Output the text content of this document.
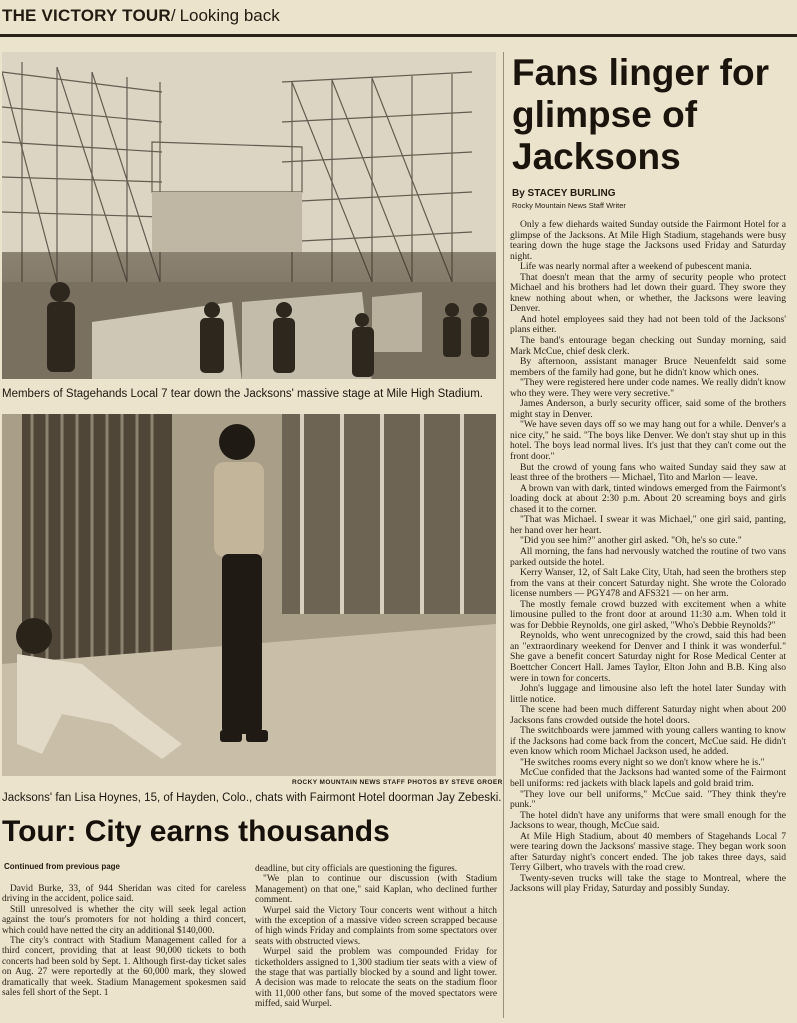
THE VICTORY TOUR/ Looking back
Members of Stagehands Local 7 tear down the Jacksons' massive stage at Mile High Stadium.
ROCKY MOUNTAIN NEWS STAFF PHOTOS BY STEVE GROER
Jacksons' fan Lisa Hoynes, 15, of Hayden, Colo., chats with Fairmont Hotel doorman Jay Zebeski.
Fans linger for glimpse of Jacksons
By STACEY BURLING
Rocky Mountain News Staff Writer

Only a few diehards waited Sunday outside the Fairmont Hotel for a glimpse of the Jacksons. At Mile High Stadium, stagehands were busy tearing down the huge stage the Jacksons used Friday and Saturday night.

Life was nearly normal after a weekend of pubescent mania.

That doesn't mean that the army of security people who protect Michael and his brothers had let down their guard. They swore they knew nothing about when, or whether, the Jacksons were leaving Denver.

And hotel employees said they had not been told of the Jacksons' plans either.

The band's entourage began checking out Sunday morning, said Mark McCue, chief desk clerk.

By afternoon, assistant manager Bruce Neuenfeldt said some members of the family had gone, but he didn't know which ones.

"They were registered here under code names. We really didn't know who they were. They were very secretive."

James Anderson, a burly security officer, said some of the brothers might stay in Denver.

"We have seven days off so we may hang out for a while. Denver's a nice city," he said. "The boys like Denver. We don't stay shut up in this hotel. The boys lead normal lives. It's just that they can't come out the front door."

But the crowd of young fans who waited Sunday said they saw at least three of the brothers — Michael, Tito and Marlon — leave.

A brown van with dark, tinted windows emerged from the Fairmont's loading dock at about 2:30 p.m. About 20 screaming boys and girls chased it to the corner.

"That was Michael. I swear it was Michael," one girl said, panting, her hand over her heart.

"Did you see him?" another girl asked. "Oh, he's so cute."

All morning, the fans had nervously watched the routine of two vans parked outside the hotel.

Kerry Wanser, 12, of Salt Lake City, Utah, had seen the brothers step from the vans at their concert Saturday night. She wrote the Colorado license numbers — PGY478 and AFS321 — on her arm.

The mostly female crowd buzzed with excitement when a white limousine pulled to the front door at around 11:30 a.m. When told it was for Debbie Reynolds, one girl asked, "Who's Debbie Reynolds?"

Reynolds, who went unrecognized by the crowd, said this had been an "extraordinary weekend for Denver and I think it was wonderful." She gave a benefit concert Saturday night for Rose Medical Center at Boettcher Concert Hall. James Taylor, Elton John and B.B. King also were in town for concerts.

John's luggage and limousine also left the hotel later Sunday with little notice.

The scene had been much different Saturday night when about 200 Jacksons fans crowded outside the hotel doors.

The switchboards were jammed with young callers wanting to know if the Jacksons had come back from the concert, McCue said. He didn't even know which room Michael Jackson used, he added.

"He switches rooms every night so we don't know where he is."

McCue confided that the Jacksons had wanted some of the Fairmont bell uniforms: red jackets with black lapels and gold braid trim.

"They love our bell uniforms," McCue said. "They think they're punk."

The hotel didn't have any uniforms that were small enough for the Jacksons to wear, though, McCue said.

At Mile High Stadium, about 40 members of Stagehands Local 7 were tearing down the Jacksons' massive stage. They began work soon after Saturday night's concert ended. The job takes three days, said Terry Gilbert, who travels with the road crew.

Twenty-seven trucks will take the stage to Montreal, where the Jacksons will play Friday, Saturday and possibly Sunday.

Tour: City earns thousands
Continued from previous page

David Burke, 33, of 944 Sheridan was cited for careless driving in the accident, police said.

Still unresolved is whether the city will seek legal action against the tour's promoters for not holding a third concert, which could have netted the city an additional $140,000.

The city's contract with Stadium Management called for a third concert, providing that at least 90,000 tickets to both concerts had been sold by Sept. 1. Although first-day ticket sales on Aug. 27 were reportedly at the 60,000 mark, they slowed dramatically that week. Stadium Management spokesmen said sales fell short of the Sept. 1

deadline, but city officials are questioning the figures.

"We plan to continue our discussion (with Stadium Management) on that one," said Kaplan, who declined further comment.

Wurpel said the Victory Tour concerts went without a hitch with the exception of a massive video screen scrapped because of high winds Friday and complaints from some spectators over seats with obstructed views.

Wurpel said the problem was compounded Friday for ticketholders assigned to 1,300 stadium tier seats with a view of the stage that was partially blocked by a sound and light tower. A decision was made to relocate the seats on the stadium floor with 11,000 other fans, but some of the moved spectators were miffed, said Wurpel.
